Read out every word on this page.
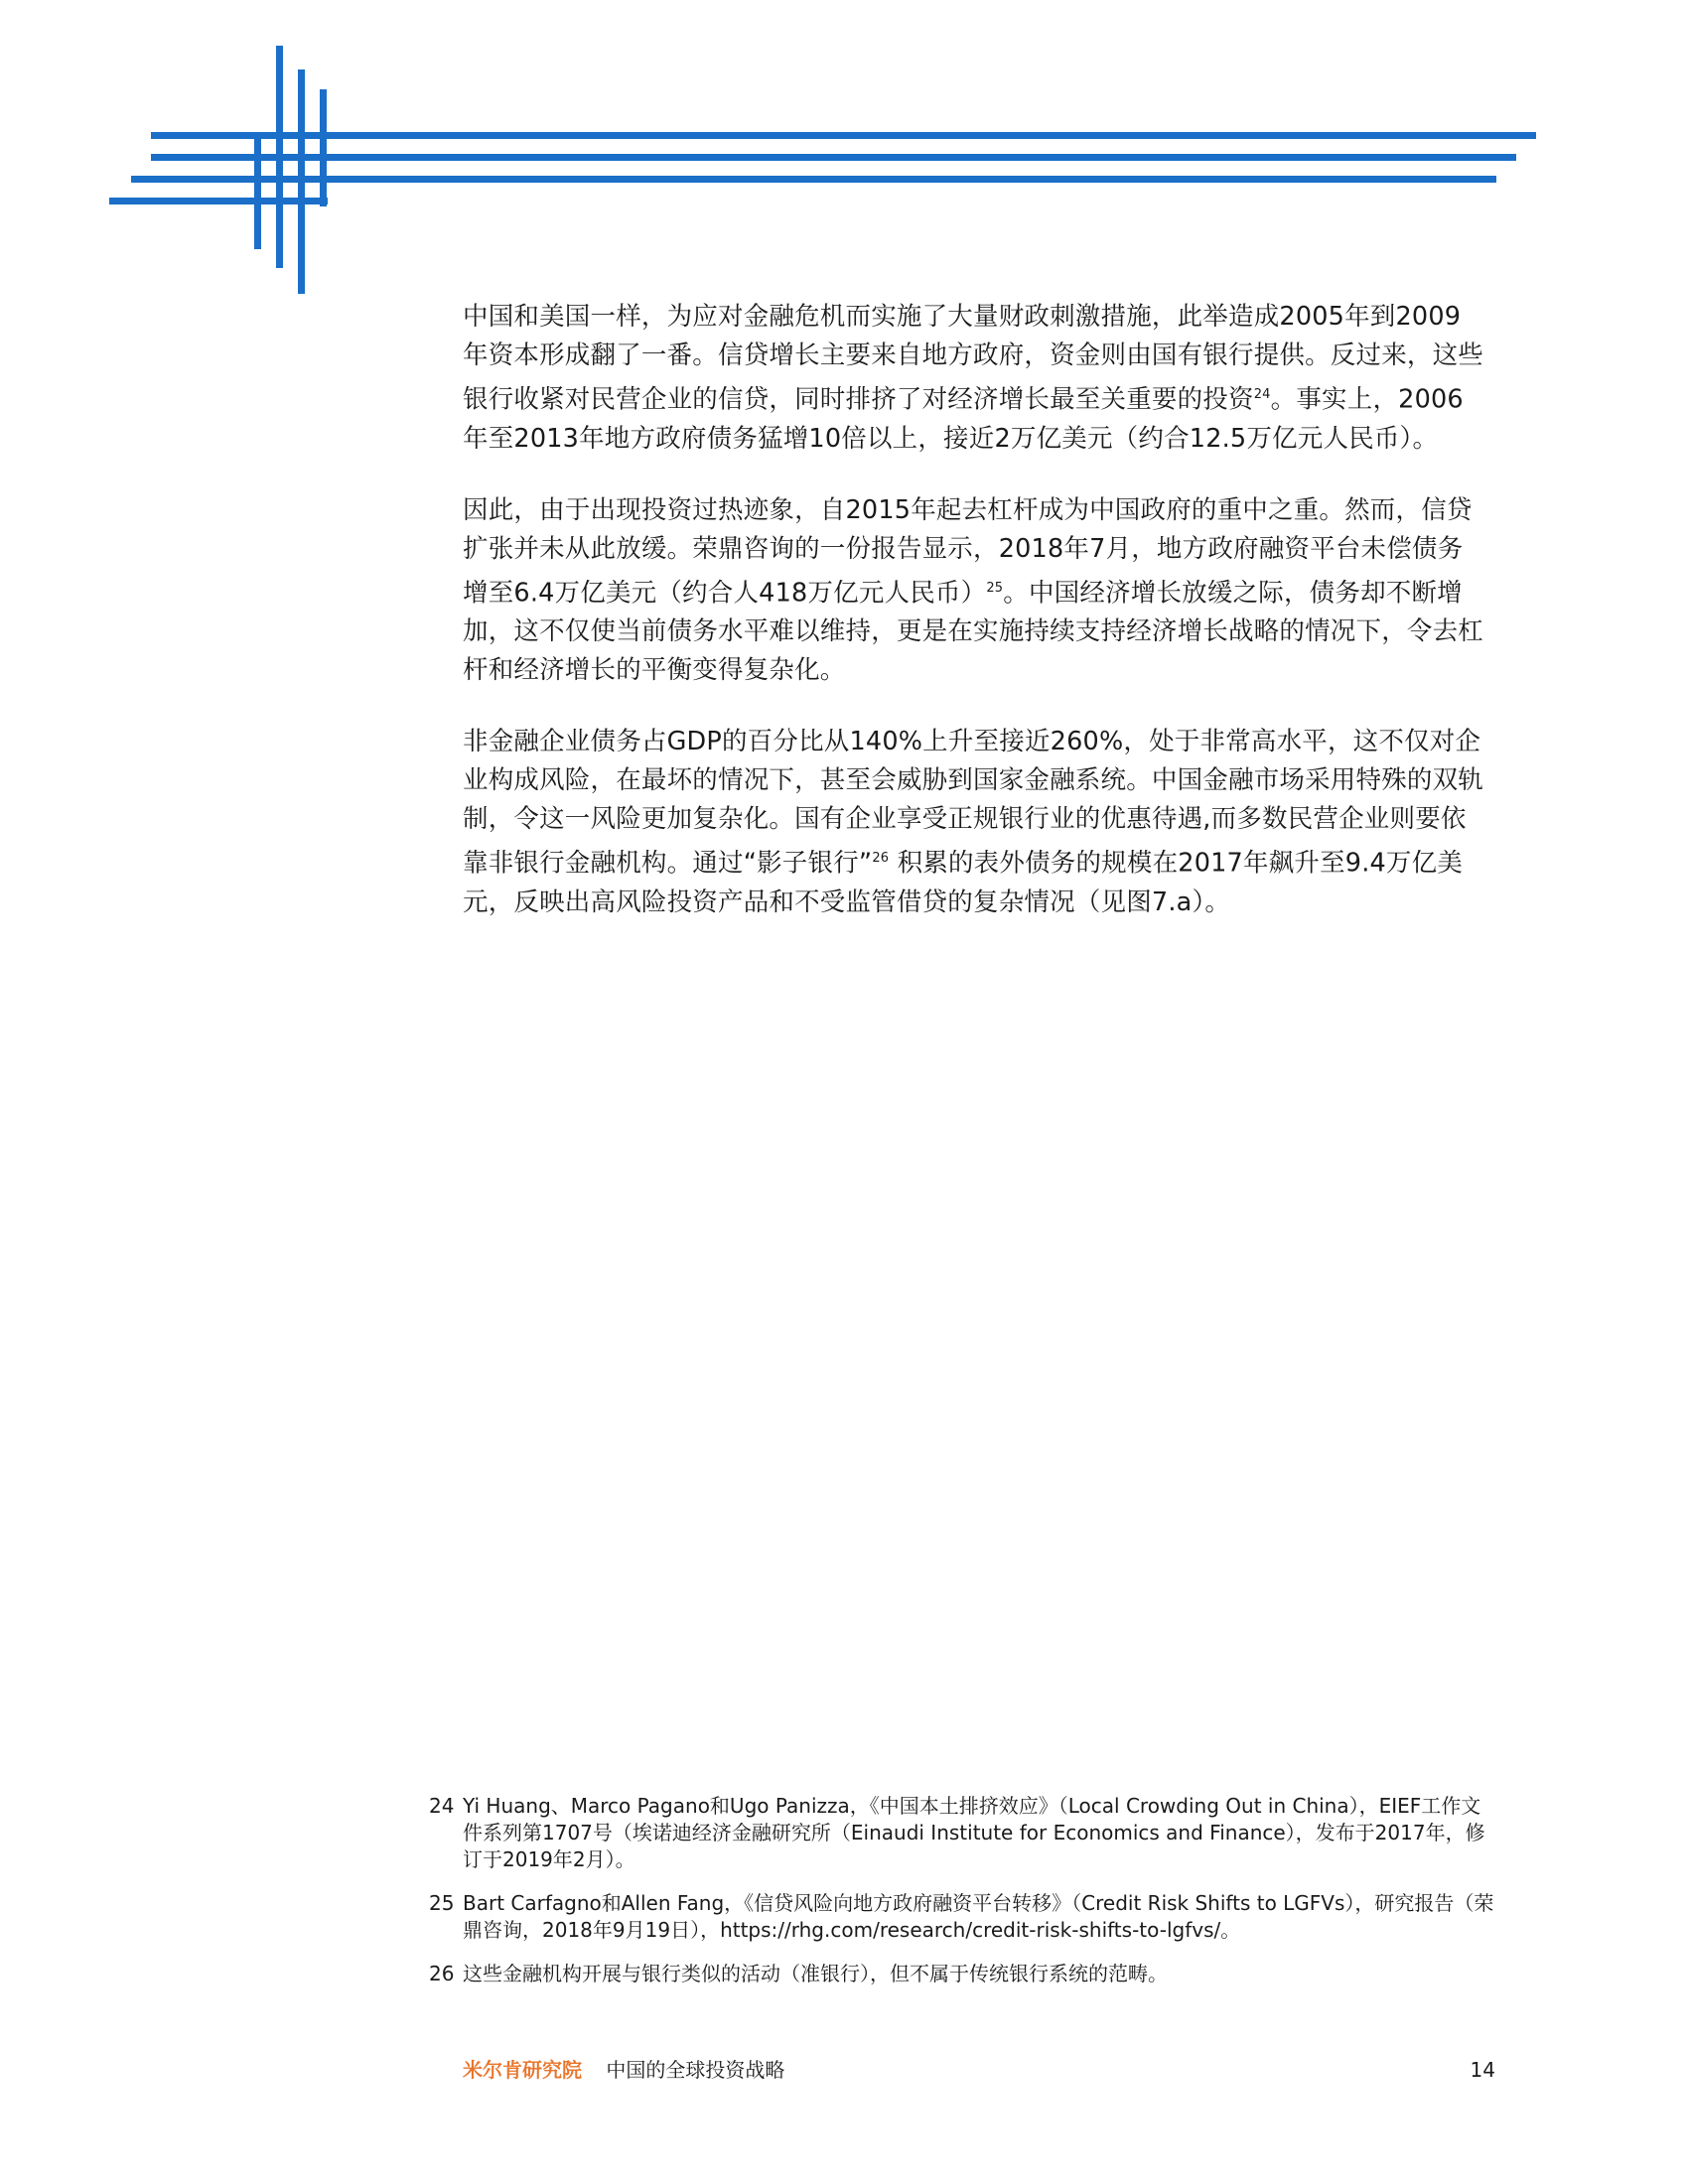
中国和美国一样，为应对金融危机而实施了大量财政刺激措施，此举造成2005年到2009年资本形成翻了一番。信贷增长主要来自地方政府，资金则由国有银行提供。反过来，这些银行收紧对民营企业的信贷，同时排挤了对经济增长最至关重要的投资$^{24}$。事实上，2006年至2013年地方政府债务猛增10倍以上，接近2万亿美元（约合12.5万亿元人民币）。

因此，由于出现投资过热迹象，自2015年起去杠杆成为中国政府的重中之重。然而，信贷扩张并未从此放缓。荣鼎咨询的一份报告显示，2018年7月，地方政府融资平台未偿债务增至6.4万亿美元（约合人418万亿元人民币）$^{25}$。中国经济增长放缓之际，债务却不断增加，这不仅使当前债务水平难以维持，更是在实施持续支持经济增长战略的情况下，令去杠杆和经济增长的平衡变得复杂化。

非金融企业债务占GDP的百分比从140%上升至接近260%，处于非常高水平，这不仅对企业构成风险，在最坏的情况下，甚至会威胁到国家金融系统。中国金融市场采用特殊的双轨制，令这一风险更加复杂化。国有企业享受正规银行业的优惠待遇,而多数民营企业则要依靠非银行金融机构。通过“影子银行”$^{26}$ 积累的表外债务的规模在2017年飙升至9.4万亿美元，反映出高风险投资产品和不受监管借贷的复杂情况（见图7.a）。

24 Yi Huang、Marco Pagano和Ugo Panizza，《中国本土排挤效应》（Local Crowding Out in China），EIEF工作文件系列第1707号（埃诺迪经济金融研究所（Einaudi Institute for Economics and Finance），发布于2017年，修订于2019年2月）。
25 Bart Carfagno和Allen Fang，《信贷风险向地方政府融资平台转移》（Credit Risk Shifts to LGFVs），研究报告（荣鼎咨询，2018年9月19日），https://rhg.com/research/credit-risk-shifts-to-lgfvs/。
26 这些金融机构开展与银行类似的活动（准银行），但不属于传统银行系统的范畴。
米尔肯研究院 中国的全球投资战略	14
